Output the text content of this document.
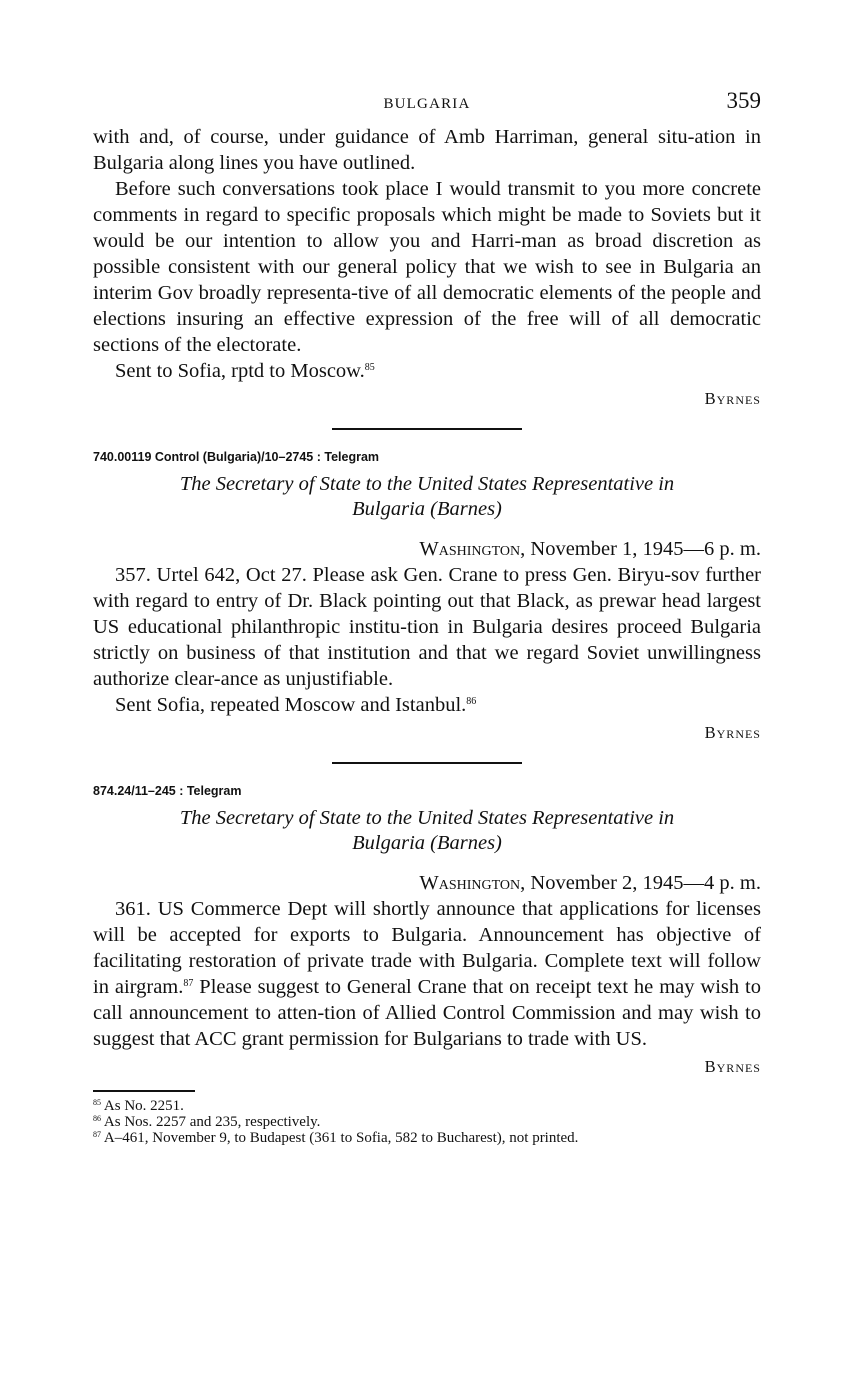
BULGARIA	359

with and, of course, under guidance of Amb Harriman, general situ-ation in Bulgaria along lines you have outlined.

Before such conversations took place I would transmit to you more concrete comments in regard to specific proposals which might be made to Soviets but it would be our intention to allow you and Harri-man as broad discretion as possible consistent with our general policy that we wish to see in Bulgaria an interim Gov broadly representa-tive of all democratic elements of the people and elections insuring an effective expression of the free will of all democratic sections of the electorate.

Sent to Sofia, rptd to Moscow.$^{85}$

Byrnes
740.00119 Control (Bulgaria)/10–2745 : Telegram
The Secretary of State to the United States Representative in
Bulgaria (Barnes)
Washington, November 1, 1945—6 p. m.

357. Urtel 642, Oct 27. Please ask Gen. Crane to press Gen. Biryu-sov further with regard to entry of Dr. Black pointing out that Black, as prewar head largest US educational philanthropic institu-tion in Bulgaria desires proceed Bulgaria strictly on business of that institution and that we regard Soviet unwillingness authorize clear-ance as unjustifiable.

Sent Sofia, repeated Moscow and Istanbul.$^{86}$

Byrnes
874.24/11–245 : Telegram
The Secretary of State to the United States Representative in
Bulgaria (Barnes)
Washington, November 2, 1945—4 p. m.

361. US Commerce Dept will shortly announce that applications for licenses will be accepted for exports to Bulgaria. Announcement has objective of facilitating restoration of private trade with Bulgaria. Complete text will follow in airgram.$^{87}$ Please suggest to General Crane that on receipt text he may wish to call announcement to atten-tion of Allied Control Commission and may wish to suggest that ACC grant permission for Bulgarians to trade with US.

Byrnes

$^{85}$ As No. 2251.

$^{86}$ As Nos. 2257 and 235, respectively.

$^{87}$ A–461, November 9, to Budapest (361 to Sofia, 582 to Bucharest), not printed.
